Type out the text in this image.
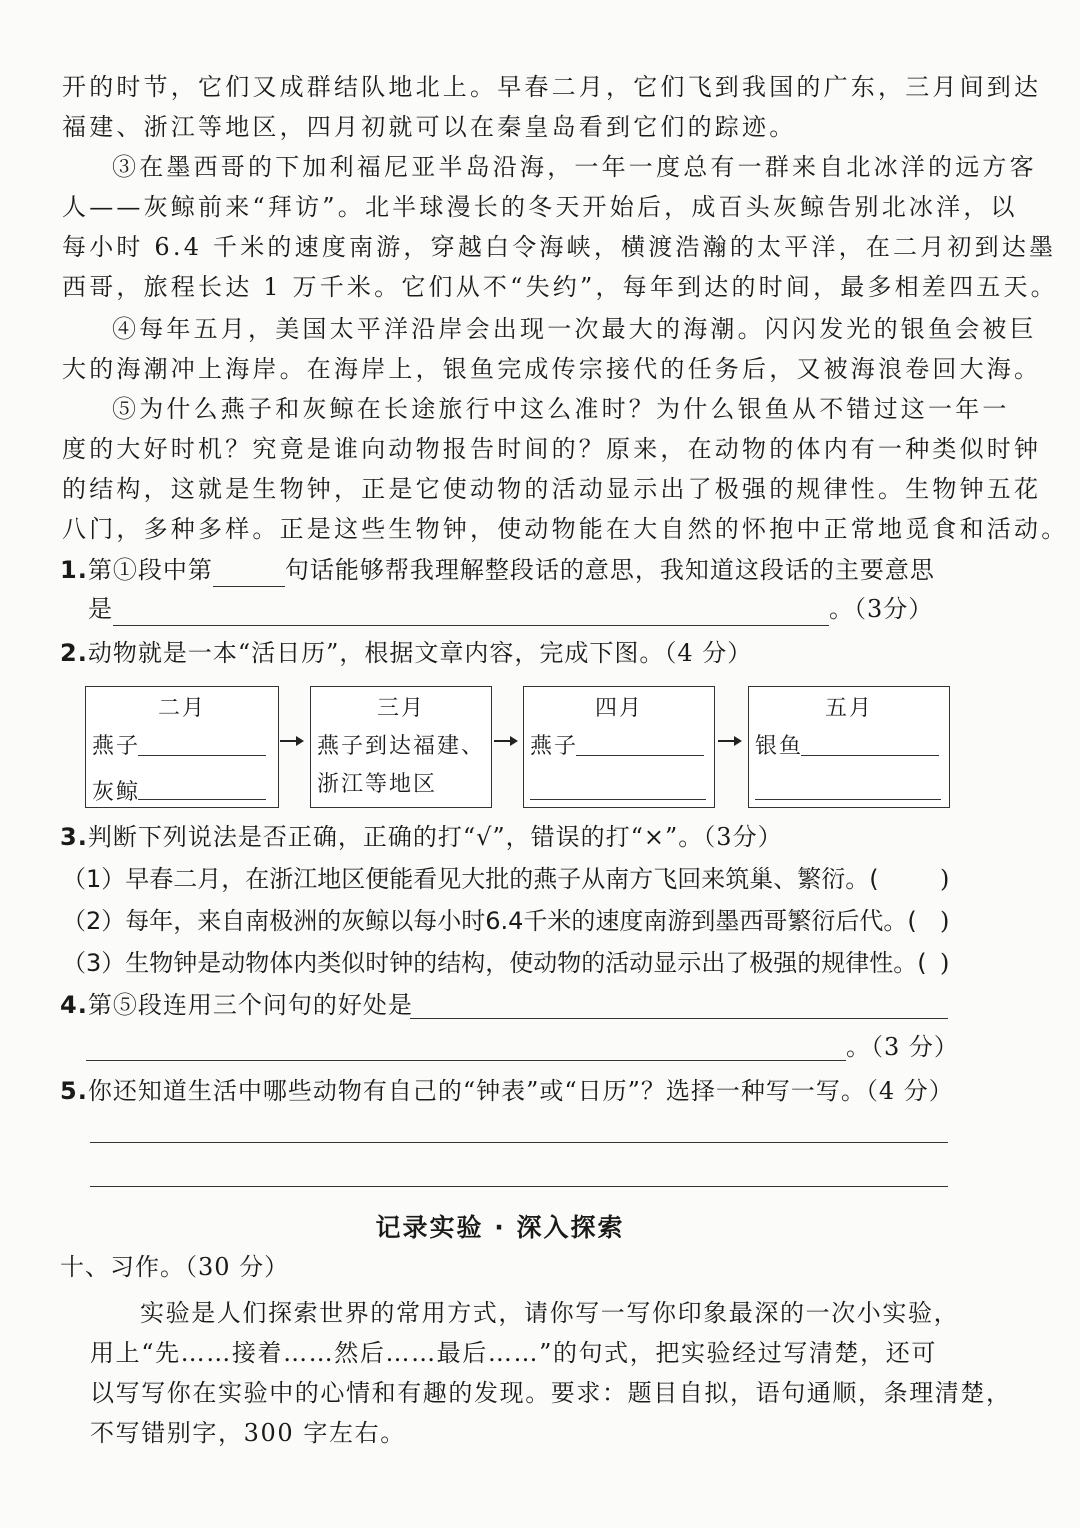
开的时节，它们又成群结队地北上。早春二月，它们飞到我国的广东，三月间到达
福建、浙江等地区，四月初就可以在秦皇岛看到它们的踪迹。
③在墨西哥的下加利福尼亚半岛沿海，一年一度总有一群来自北冰洋的远方客
人——灰鲸前来“拜访”。北半球漫长的冬天开始后，成百头灰鲸告别北冰洋，以
每小时 6.4 千米的速度南游，穿越白令海峡，横渡浩瀚的太平洋，在二月初到达墨
西哥，旅程长达 1 万千米。它们从不“失约”，每年到达的时间，最多相差四五天。
④每年五月，美国太平洋沿岸会出现一次最大的海潮。闪闪发光的银鱼会被巨
大的海潮冲上海岸。在海岸上，银鱼完成传宗接代的任务后，又被海浪卷回大海。
⑤为什么燕子和灰鲸在长途旅行中这么准时？为什么银鱼从不错过这一年一
度的大好时机？究竟是谁向动物报告时间的？原来，在动物的体内有一种类似时钟
的结构，这就是生物钟，正是它使动物的活动显示出了极强的规律性。生物钟五花
八门，多种多样。正是这些生物钟，使动物能在大自然的怀抱中正常地觅食和活动。
1.第①段中第	句话能够帮我理解整段话的意思，我知道这段话的主要意思
是	。（3分）
2.动物就是一本“活日历”，根据文章内容，完成下图。（4 分）
二月
燕子
灰鲸
三月
燕子到达福建、
浙江等地区
四月
燕子
五月
银鱼
3.判断下列说法是否正确，正确的打“√”，错误的打“×”。（3分）
（1）早春二月，在浙江地区便能看见大批的燕子从南方飞回来筑巢、繁衍。(	)
（2）每年，来自南极洲的灰鲸以每小时6.4千米的速度南游到墨西哥繁衍后代。( )
（3）生物钟是动物体内类似时钟的结构，使动物的活动显示出了极强的规律性。( )
4.第⑤段连用三个问句的好处是
。（3 分）
5.你还知道生活中哪些动物有自己的“钟表”或“日历”？选择一种写一写。（4 分）
记录实验 · 深入探索
十、习作。（30 分）
实验是人们探索世界的常用方式，请你写一写你印象最深的一次小实验，
用上“先……接着……然后……最后……”的句式，把实验经过写清楚，还可
以写写你在实验中的心情和有趣的发现。要求：题目自拟，语句通顺，条理清楚，
不写错别字，300 字左右。
